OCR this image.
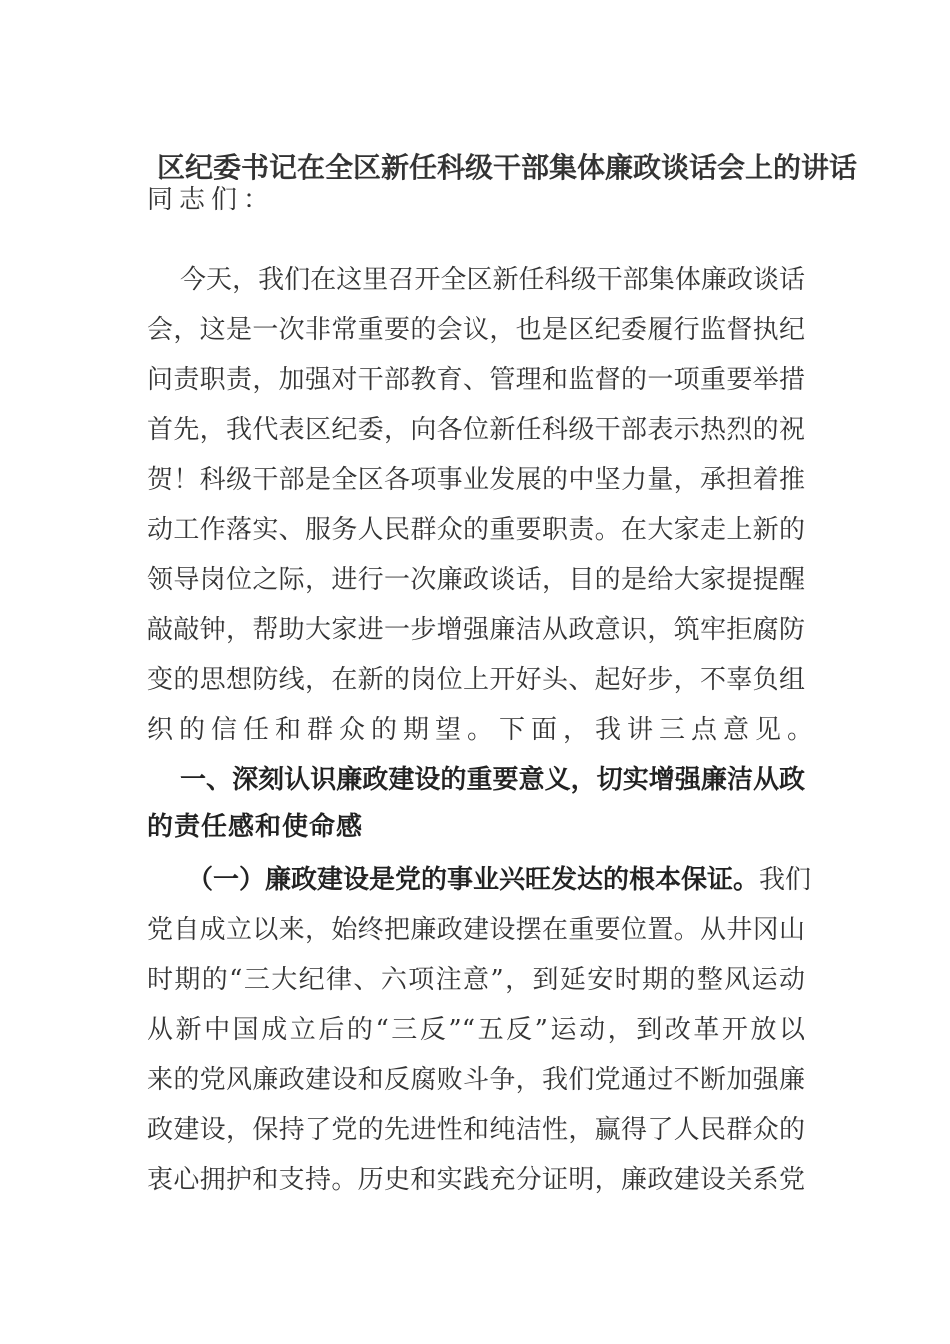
区纪委书记在全区新任科级干部集体廉政谈话会上的讲话
同志们：
今天，我们在这里召开全区新任科级干部集体廉政谈话
会，这是一次非常重要的会议，也是区纪委履行监督执纪
问责职责，加强对干部教育、管理和监督的一项重要举措
首先，我代表区纪委，向各位新任科级干部表示热烈的祝
贺！科级干部是全区各项事业发展的中坚力量，承担着推
动工作落实、服务人民群众的重要职责。在大家走上新的
领导岗位之际，进行一次廉政谈话，目的是给大家提提醒
敲敲钟，帮助大家进一步增强廉洁从政意识，筑牢拒腐防
变的思想防线，在新的岗位上开好头、起好步，不辜负组
织的信任和群众的期望。下面，我讲三点意见。
一、深刻认识廉政建设的重要意义，切实增强廉洁从政
的责任感和使命感
（一）廉政建设是党的事业兴旺发达的根本保证。我们
党自成立以来，始终把廉政建设摆在重要位置。从井冈山
时期的“三大纪律、六项注意”，到延安时期的整风运动
从新中国成立后的“三反”“五反”运动，到改革开放以
来的党风廉政建设和反腐败斗争，我们党通过不断加强廉
政建设，保持了党的先进性和纯洁性，赢得了人民群众的
衷心拥护和支持。历史和实践充分证明，廉政建设关系党
